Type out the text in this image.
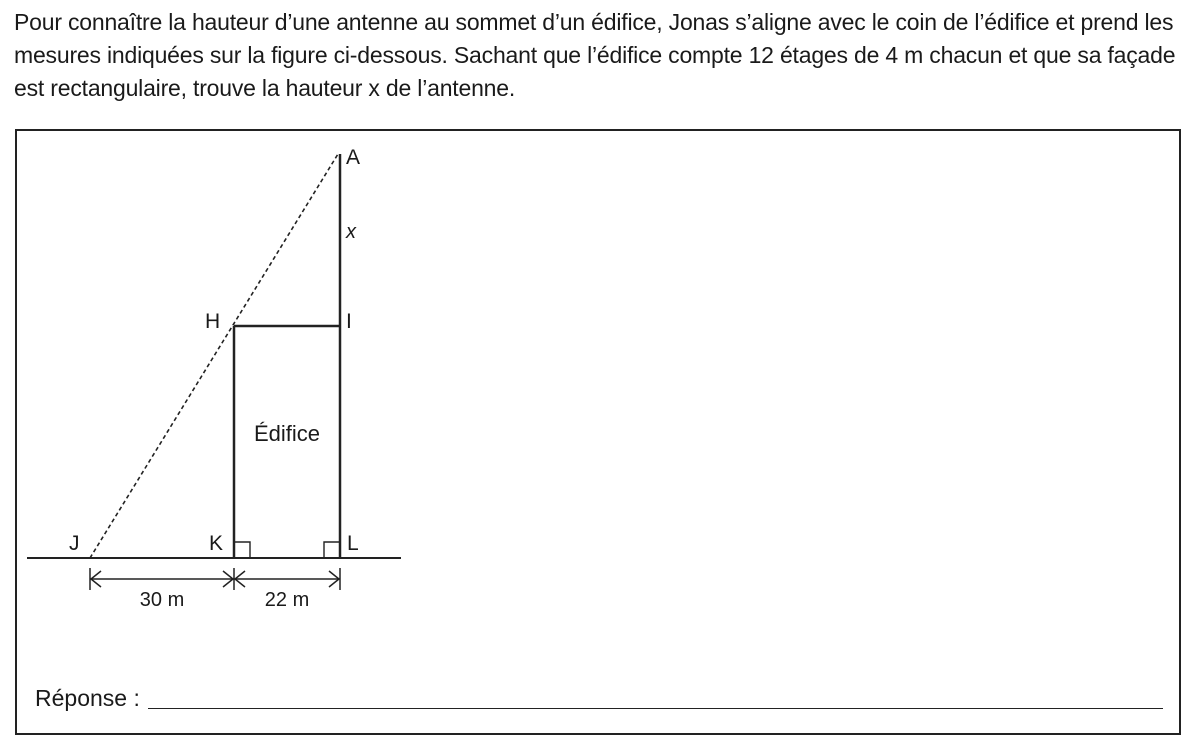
Pour connaître la hauteur d’une antenne au sommet d’un édifice, Jonas s’aligne avec le coin de l’édifice et prend les mesures indiquées sur la figure ci-dessous. Sachant que l’édifice compte 12 étages de 4 m chacun et que sa façade est rectangulaire, trouve la hauteur x de l’antenne.

A
H	I
J	K	L
x
Édifice
30 m	22 m
Réponse :
